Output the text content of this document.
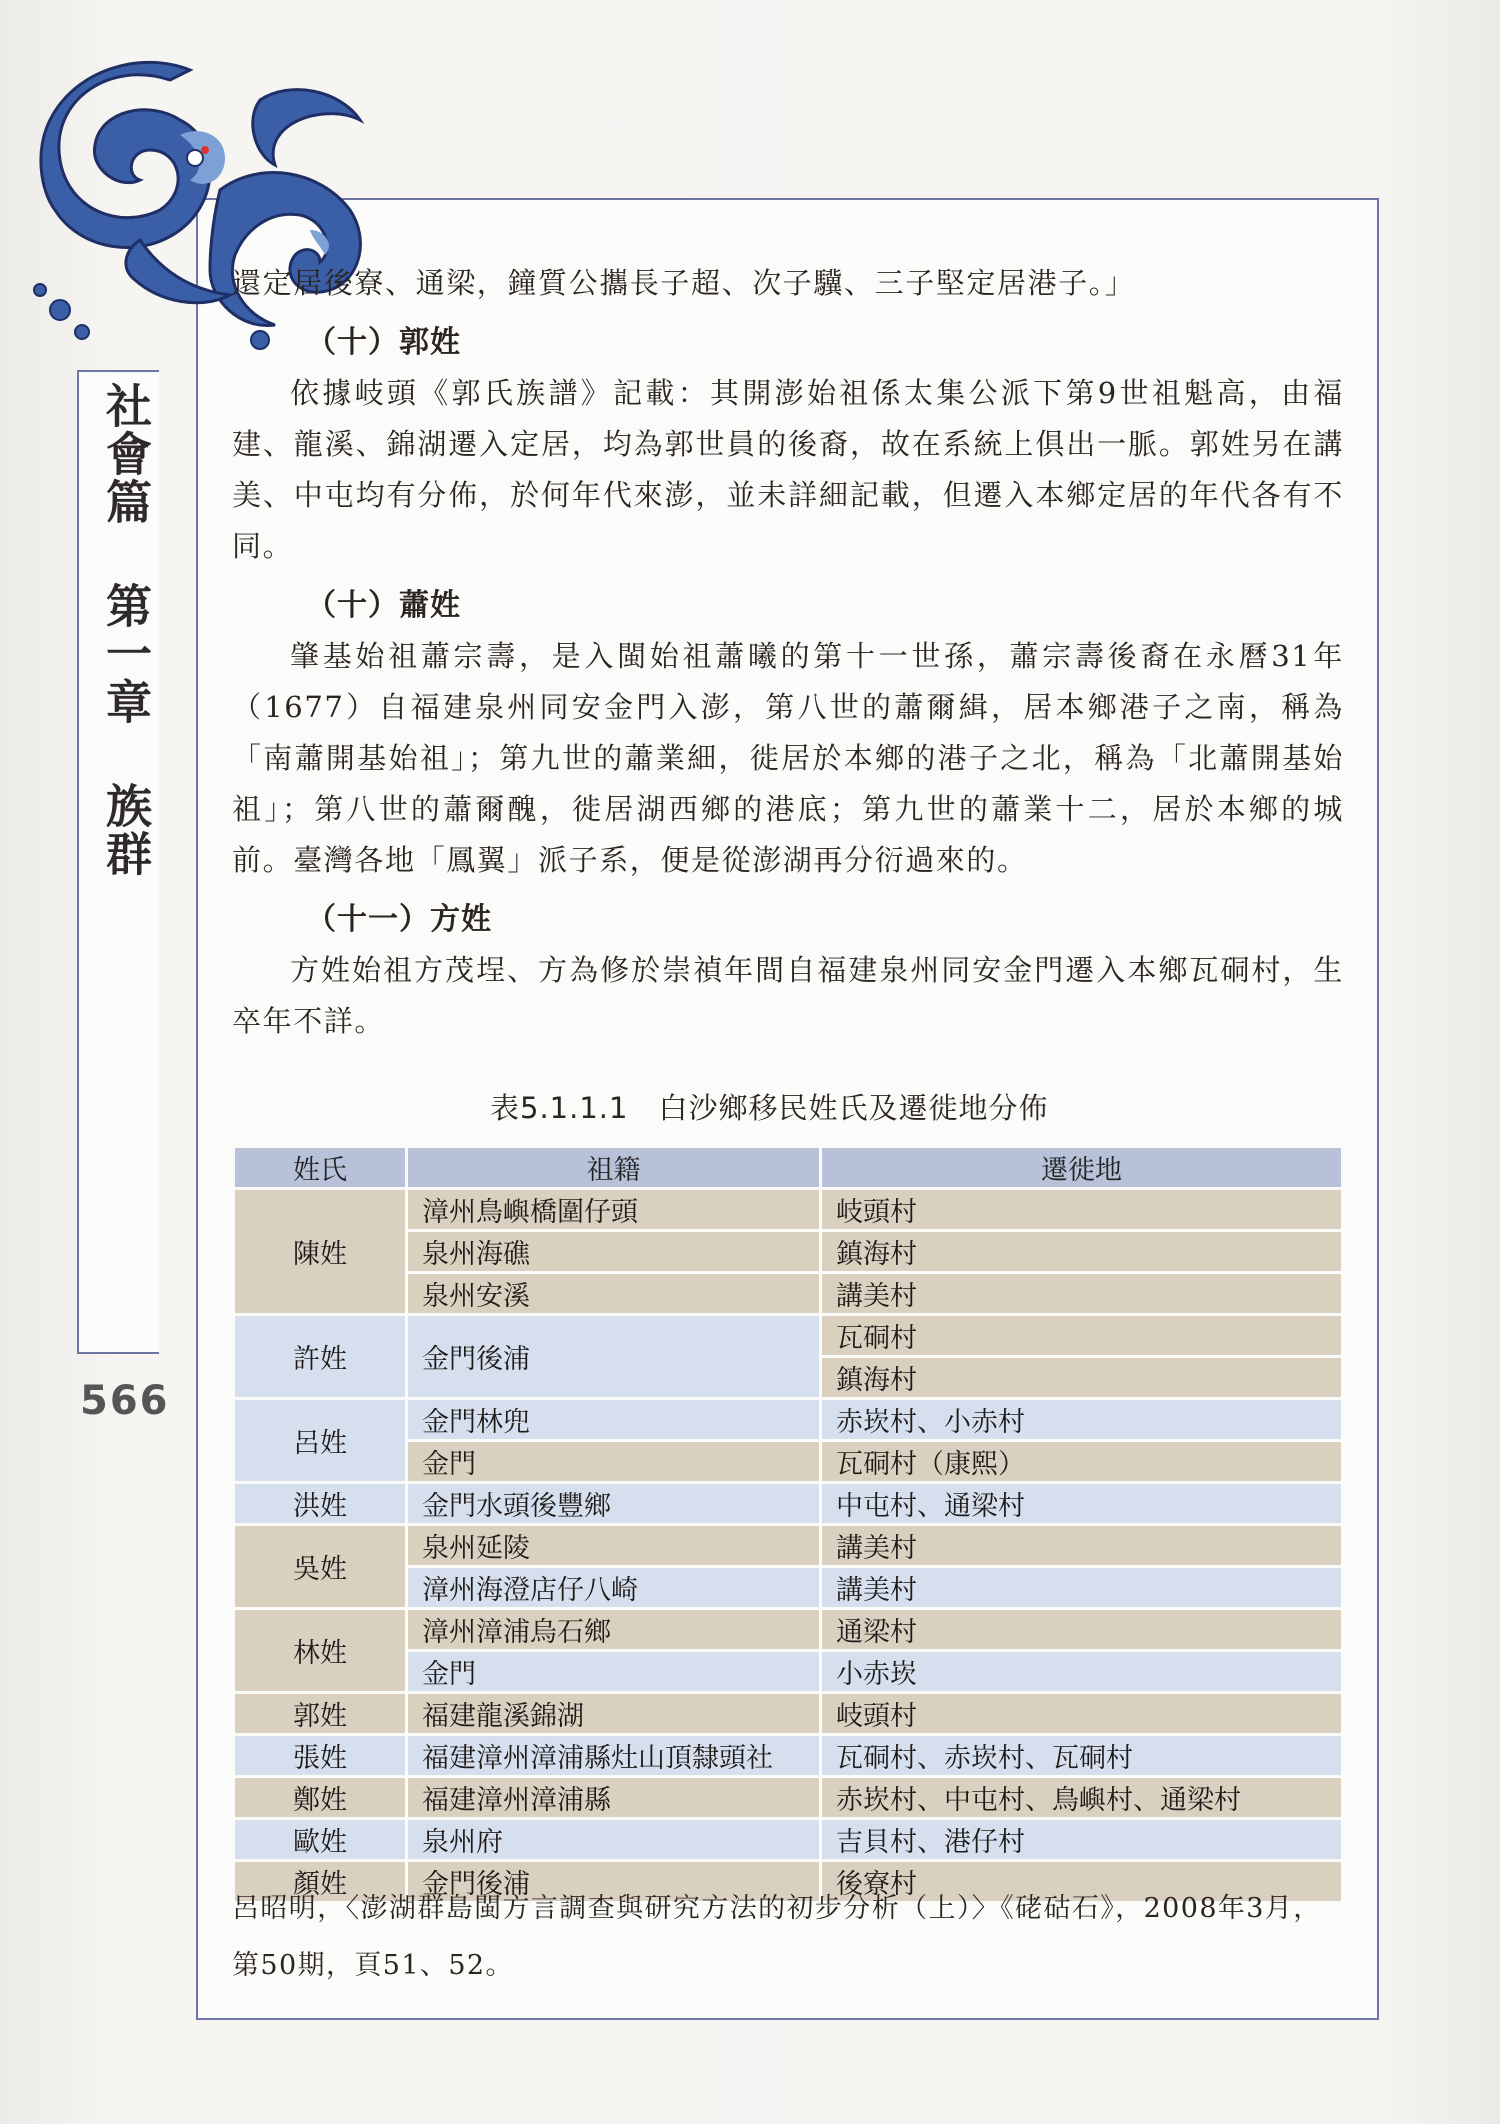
社會篇 第一章 族群
566

還定居後寮、通梁，鐘質公攜長子超、次子驥、三子堅定居港子。」

（十）郭姓

依據岐頭《郭氏族譜》記載：其開澎始祖係太集公派下第9世祖魁高，由福建、龍溪、錦湖遷入定居，均為郭世員的後裔，故在系統上俱出一脈。郭姓另在講美、中屯均有分佈，於何年代來澎，並未詳細記載，但遷入本鄉定居的年代各有不同。

（十）蕭姓

肇基始祖蕭宗壽，是入閩始祖蕭曦的第十一世孫，蕭宗壽後裔在永曆31年（1677）自福建泉州同安金門入澎，第八世的蕭爾緝，居本鄉港子之南，稱為「南蕭開基始祖」；第九世的蕭業細，徙居於本鄉的港子之北，稱為「北蕭開基始祖」；第八世的蕭爾醜，徙居湖西鄉的港底；第九世的蕭業十二，居於本鄉的城前。臺灣各地「鳳翼」派子系，便是從澎湖再分衍過來的。

（十一）方姓

方姓始祖方茂埕、方為修於崇禎年間自福建泉州同安金門遷入本鄉瓦硐村，生卒年不詳。

表5.1.1.1　白沙鄉移民姓氏及遷徙地分佈
姓氏	祖籍	遷徙地
陳姓	漳州鳥嶼橋圍仔頭	岐頭村
	泉州海礁	鎮海村
	泉州安溪	講美村
許姓	金門後浦	瓦硐村
		鎮海村
呂姓	金門林兜	赤崁村、小赤村
	金門	瓦硐村（康熙）
洪姓	金門水頭後豐鄉	中屯村、通梁村
吳姓	泉州延陵	講美村
	漳州海澄店仔八崎	講美村
林姓	漳州漳浦烏石鄉	通梁村
	金門	小赤崁
郭姓	福建龍溪錦湖	岐頭村
張姓	福建漳州漳浦縣灶山頂隸頭社	瓦硐村、赤崁村、瓦硐村
鄭姓	福建漳州漳浦縣	赤崁村、中屯村、鳥嶼村、通梁村
歐姓	泉州府	吉貝村、港仔村
顏姓	金門後浦	後寮村
呂昭明，〈澎湖群島閩方言調查與研究方法的初步分析（上）〉《硓𥑮石》，2008年3月，第50期，頁51、52。
